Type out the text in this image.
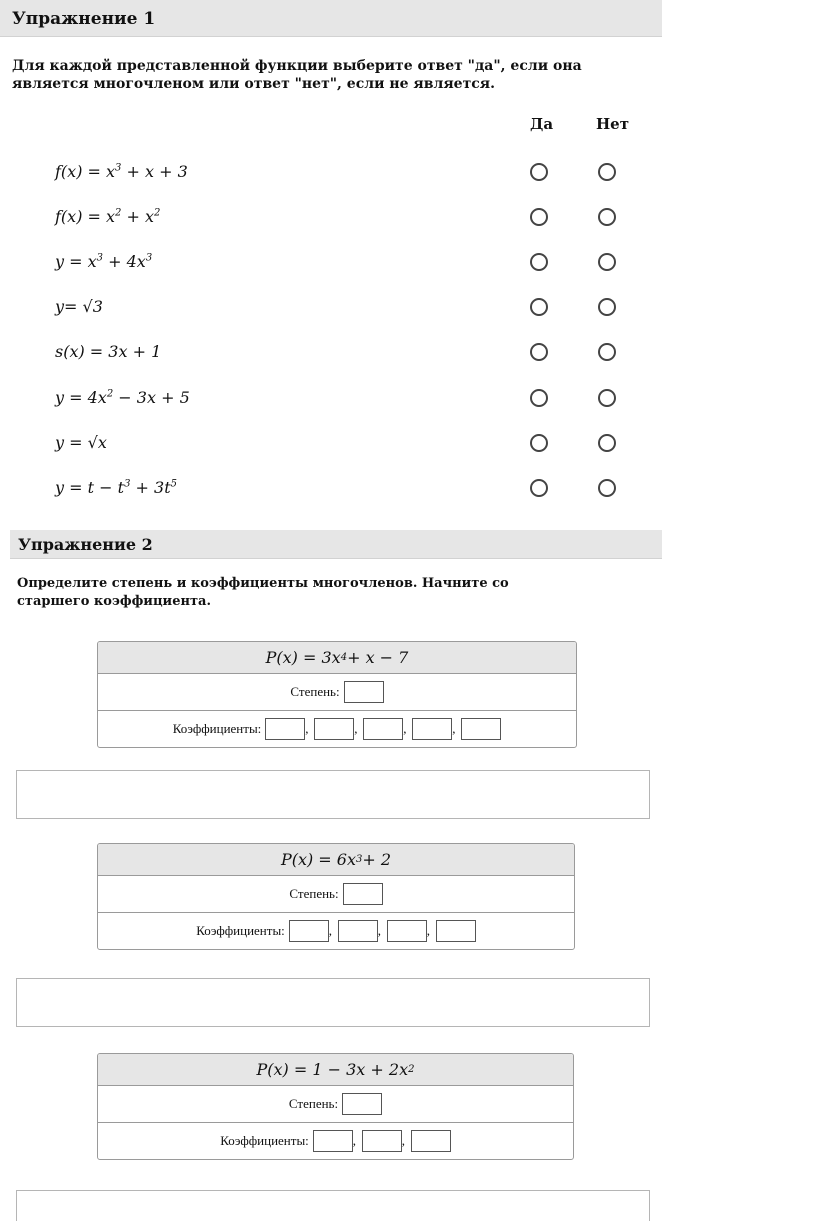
Упражнение 1
Для каждой представленной функции выберите ответ "да", если она является многочленом или ответ "нет", если не является.
Да	Нет
$f(x) = x^3 + x + 3$
$f(x) = x^2 + x^2$
$y = x^3 + 4x^3$
y= √3
s(x) = 3x + 1
$y = 4x^2 - 3x + 5$
y = √x
$y = t - t^3 + 3t^5$
Упражнение 2
Определите степень и коэффициенты многочленов. Начните со старшего коэффициента.
P(x) = 3x 4 + x − 7
Степень:
Коэффициенты:	,	,	,	,
P(x) = 6x 3 + 2
Степень:
Коэффициенты:	,	,	,
P(x) = 1 − 3x + 2x 2
Степень:
Коэффициенты:	,	,
